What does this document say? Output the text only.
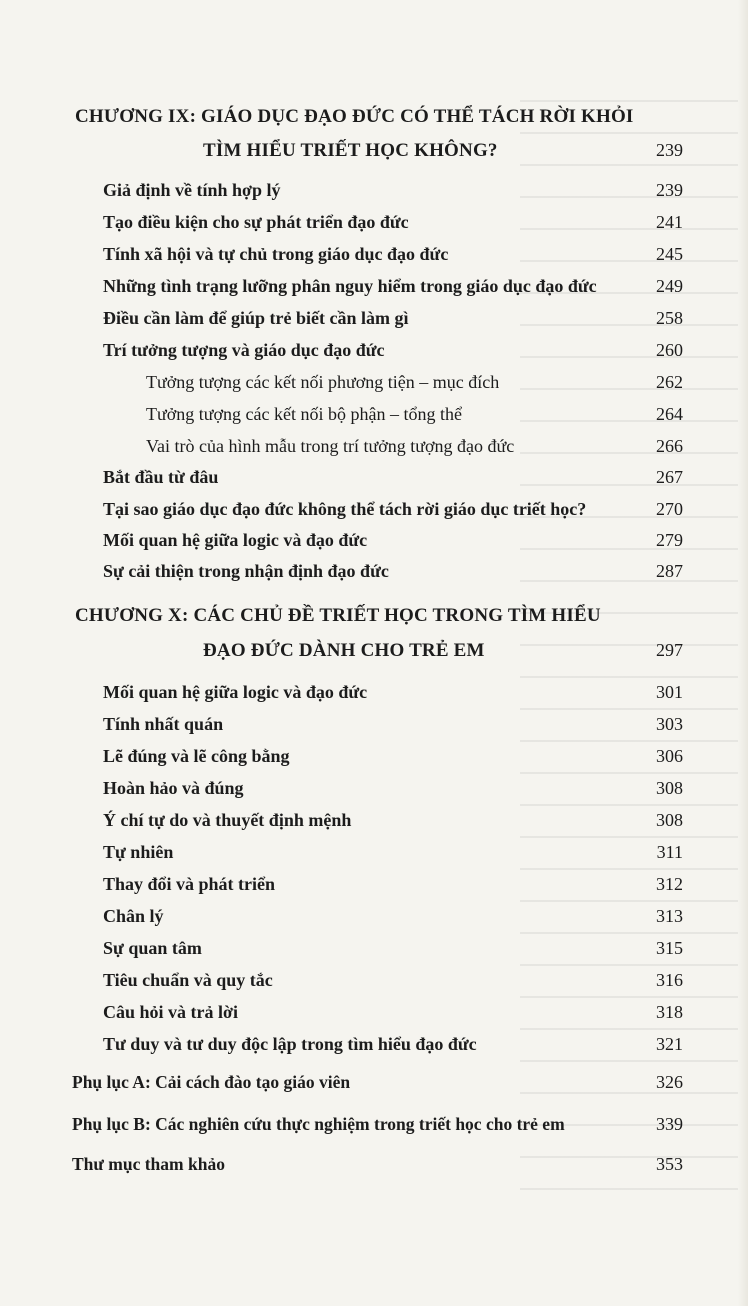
CHƯƠNG IX: GIÁO DỤC ĐẠO ĐỨC CÓ THỂ TÁCH RỜI KHỎI
TÌM HIỂU TRIẾT HỌC KHÔNG?	239
Giả định về tính hợp lý	239
Tạo điều kiện cho sự phát triển đạo đức	241
Tính xã hội và tự chủ trong giáo dục đạo đức	245
Những tình trạng lưỡng phân nguy hiểm trong giáo dục đạo đức	249
Điều cần làm để giúp trẻ biết cần làm gì	258
Trí tưởng tượng và giáo dục đạo đức	260
Tưởng tượng các kết nối phương tiện – mục đích	262
Tưởng tượng các kết nối bộ phận – tổng thể	264
Vai trò của hình mẫu trong trí tưởng tượng đạo đức	266
Bắt đầu từ đâu	267
Tại sao giáo dục đạo đức không thể tách rời giáo dục triết học?	270
Mối quan hệ giữa logic và đạo đức	279
Sự cải thiện trong nhận định đạo đức	287
CHƯƠNG X: CÁC CHỦ ĐỀ TRIẾT HỌC TRONG TÌM HIỂU
ĐẠO ĐỨC DÀNH CHO TRẺ EM	297
Mối quan hệ giữa logic và đạo đức	301
Tính nhất quán	303
Lẽ đúng và lẽ công bằng	306
Hoàn hảo và đúng	308
Ý chí tự do và thuyết định mệnh	308
Tự nhiên	311
Thay đổi và phát triển	312
Chân lý	313
Sự quan tâm	315
Tiêu chuẩn và quy tắc	316
Câu hỏi và trả lời	318
Tư duy và tư duy độc lập trong tìm hiểu đạo đức	321
Phụ lục A: Cải cách đào tạo giáo viên	326
Phụ lục B: Các nghiên cứu thực nghiệm trong triết học cho trẻ em	339
Thư mục tham khảo	353
